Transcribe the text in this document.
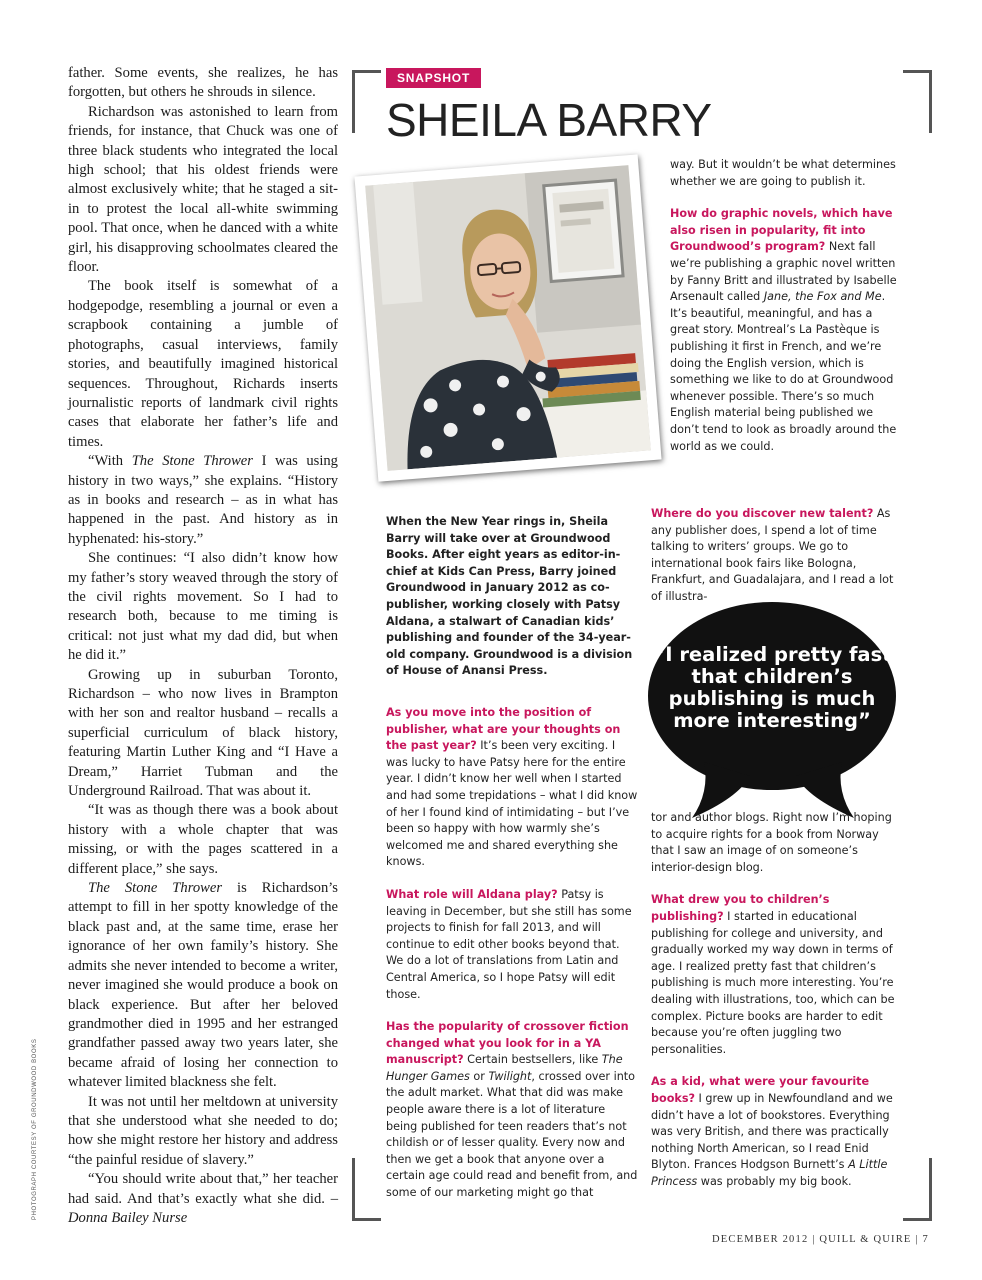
father. Some events, she realizes, he has forgotten, but others he shrouds in silence.

Richardson was astonished to learn from friends, for instance, that Chuck was one of three black students who integrated the local high school; that his oldest friends were almost exclusively white; that he staged a sit-in to protest the local all-white swimming pool. That once, when he danced with a white girl, his disapproving schoolmates cleared the floor.

The book itself is somewhat of a hodgepodge, resembling a journal or even a scrapbook containing a jumble of photographs, casual interviews, family stories, and beautifully imagined historical sequences. Throughout, Richards inserts journalistic reports of landmark civil rights cases that elaborate her father’s life and times.

“With The Stone Thrower I was using history in two ways,” she explains. “History as in books and research – as in what has happened in the past. And history as in hyphenated: his-story.”

She continues: “I also didn’t know how my father’s story weaved through the story of the civil rights movement. So I had to research both, because to me timing is critical: not just what my dad did, but when he did it.”

Growing up in suburban Toronto, Richardson – who now lives in Brampton with her son and realtor husband – recalls a superficial curriculum of black history, featuring Martin Luther King and “I Have a Dream,” Harriet Tubman and the Underground Railroad. That was about it.

“It was as though there was a book about history with a whole chapter that was missing, or with the pages scattered in a different place,” she says.

The Stone Thrower is Richardson’s attempt to fill in her spotty knowledge of the black past and, at the same time, erase her ignorance of her own family’s history. She admits she never intended to become a writer, never imagined she would produce a book on black experience. But after her beloved grandmother died in 1995 and her estranged grandfather passed away two years later, she became afraid of losing her connection to whatever limited blackness she felt.

It was not until her meltdown at university that she understood what she needed to do; how she might restore her history and address “the painful residue of slavery.”

“You should write about that,” her teacher had said. And that’s exactly what she did. – Donna Bailey Nurse

PHOTOGRAPH COURTESY OF GROUNDWOOD BOOKS
SNAPSHOT
SHEILA BARRY
When the New Year rings in, Sheila Barry will take over at Groundwood Books. After eight years as editor-in-chief at Kids Can Press, Barry joined Groundwood in January 2012 as co-publisher, working closely with Patsy Aldana, a stalwart of Canadian kids’ publishing and founder of the 34-year-old company. Groundwood is a division of House of Anansi Press.

As you move into the position of publisher, what are your thoughts on the past year? It’s been very exciting. I was lucky to have Patsy here for the entire year. I didn’t know her well when I started and had some trepidations – what I did know of her I found kind of intimidating – but I’ve been so happy with how warmly she’s welcomed me and shared everything she knows.

What role will Aldana play? Patsy is leaving in December, but she still has some projects to finish for fall 2013, and will continue to edit other books beyond that. We do a lot of translations from Latin and Central America, so I hope Patsy will edit those.

Has the popularity of crossover fiction changed what you look for in a YA manuscript? Certain bestsellers, like The Hunger Games or Twilight, crossed over into the adult market. What that did was make people aware there is a lot of literature being published for teen readers that’s not childish or of lesser quality. Every now and then we get a book that anyone over a certain age could read and benefit from, and some of our marketing might go that

way. But it wouldn’t be what determines whether we are going to publish it.

How do graphic novels, which have also risen in popularity, fit into Groundwood’s program? Next fall we’re publishing a graphic novel written by Fanny Britt and illustrated by Isabelle Arsenault called Jane, the Fox and Me. It’s beautiful, meaningful, and has a great story. Montreal’s La Pastèque is publishing it first in French, and we’re doing the English version, which is something we like to do at Groundwood whenever possible. There’s so much English material being published we don’t tend to look as broadly around the world as we could.

Where do you discover new talent? As any publisher does, I spend a lot of time talking to writers’ groups. We go to international book fairs like Bologna, Frankfurt, and Guadalajara, and I read a lot of illustra-

“I realized pretty fast that children’s publishing is much more interesting”

tor and author blogs. Right now I’m hoping to acquire rights for a book from Norway that I saw an image of on someone’s interior-design blog.

What drew you to children’s publishing? I started in educational publishing for college and university, and gradually worked my way down in terms of age. I realized pretty fast that children’s publishing is much more interesting. You’re dealing with illustrations, too, which can be complex. Picture books are harder to edit because you’re often juggling two personalities.

As a kid, what were your favourite books? I grew up in Newfoundland and we didn’t have a lot of bookstores. Everything was very British, and there was practically nothing North American, so I read Enid Blyton. Frances Hodgson Burnett’s A Little Princess was probably my big book.

DECEMBER 2012 | QUILL & QUIRE | 7
